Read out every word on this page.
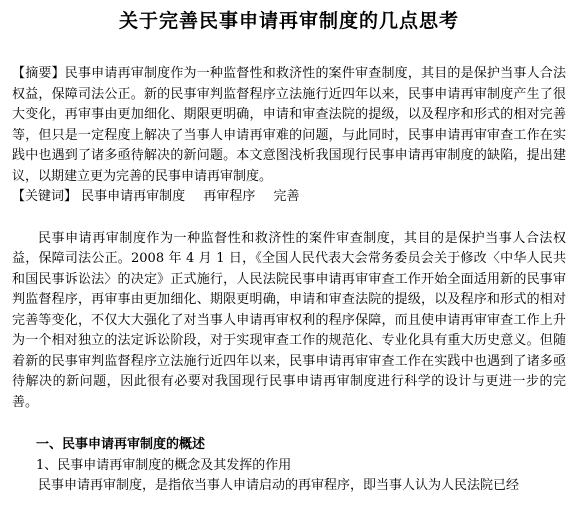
关于完善民事申请再审制度的几点思考
【摘要】民事申请再审制度作为一种监督性和救济性的案件审查制度，其目的是保护当事人合法权益，保障司法公正。新的民事审判监督程序立法施行近四年以来，民事申请再审制度产生了很大变化，再审事由更加细化、期限更明确，申请和审查法院的提级，以及程序和形式的相对完善等，但只是一定程度上解决了当事人申请再审难的问题，与此同时，民事申请再审审查工作在实践中也遇到了诸多亟待解决的新问题。本文意图浅析我国现行民事申请再审制度的缺陷，提出建议，以期建立更为完善的民事申请再审制度。
【关键词】 民事申请再审制度 再审程序 完善
民事申请再审制度作为一种监督性和救济性的案件审查制度，其目的是保护当事人合法权益，保障司法公正。2008 年 4 月 1 日，《全国人民代表大会常务委员会关于修改〈中华人民共和国民事诉讼法〉的决定》正式施行，人民法院民事申请再审审查工作开始全面适用新的民事审判监督程序，再审事由更加细化、期限更明确，申请和审查法院的提级，以及程序和形式的相对完善等变化，不仅大大强化了对当事人申请再审权利的程序保障，而且使申请再审审查工作上升为一个相对独立的法定诉讼阶段，对于实现审查工作的规范化、专业化具有重大历史意义。但随着新的民事审判监督程序立法施行近四年以来，民事申请再审审查工作在实践中也遇到了诸多亟待解决的新问题，因此很有必要对我国现行民事申请再审制度进行科学的设计与更进一步的完善。
一、民事申请再审制度的概述
1、民事申请再审制度的概念及其发挥的作用
民事申请再审制度，是指依当事人申请启动的再审程序，即当事人认为人民法院已经
